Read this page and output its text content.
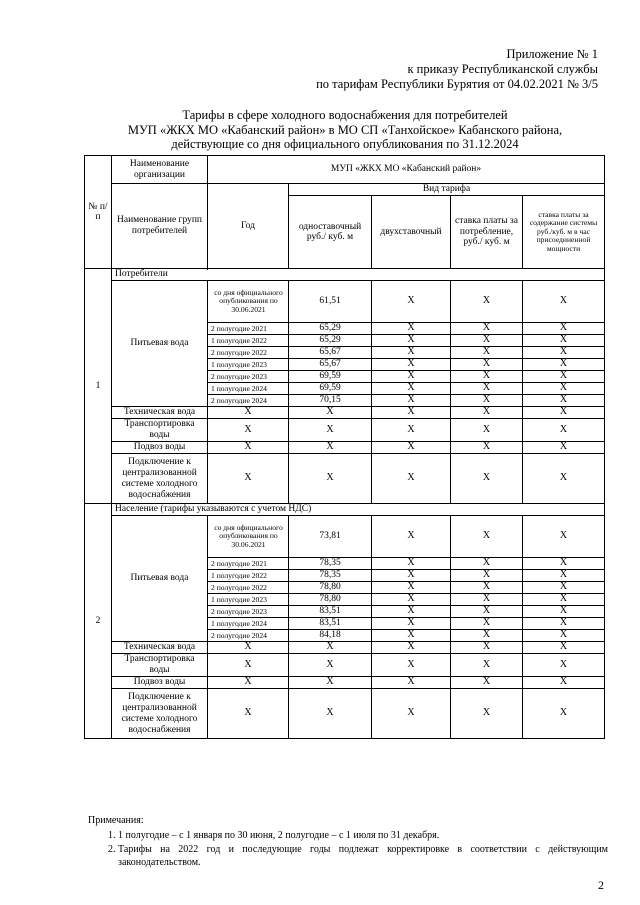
Приложение № 1
к приказу Республиканской службы
по тарифам Республики Бурятия от 04.02.2021 № 3/5
Тарифы в сфере холодного водоснабжения для потребителей
МУП «ЖКХ МО «Кабанский район» в МО СП «Танхойское» Кабанского района,
действующие со дня официального опубликования по 31.12.2024
№ п/п	Наименование организации	МУП «ЖКХ МО «Кабанский район»				
	Наименование групп потребителей	Год	Вид тарифа			
			одноставочный руб./ куб. м	двухставочный	ставка платы за потребление, руб./ куб. м	ставка платы за содержание системы руб./куб. м в час присоединенной мощности

1	Потребители					
	Питьевая вода	со дня официального опубликования по 30.06.2021	61,51	X	X	X
		2 полугодие 2021	65,29	X	X	X
		1 полугодие 2022	65,29	X	X	X
		2 полугодие 2022	65,67	X	X	X
		1 полугодие 2023	65,67	X	X	X
		2 полугодие 2023	69,59	X	X	X
		1 полугодие 2024	69,59	X	X	X
		2 полугодие 2024	70,15	X	X	X
	Техническая вода	X	X	X	X	X
	Транспортировка воды	X	X	X	X	X
	Подвоз воды	X	X	X	X	X
	Подключение к централизованной системе холодного водоснабжения	X	X	X	X	X
2	Население (тарифы указываются с учетом НДС)					
	Питьевая вода	со дня официального опубликования по 30.06.2021	73,81	X	X	X
		2 полугодие 2021	78,35	X	X	X
		1 полугодие 2022	78,35	X	X	X
		2 полугодие 2022	78,80	X	X	X
		1 полугодие 2023	78,80	X	X	X
		2 полугодие 2023	83,51	X	X	X
		1 полугодие 2024	83,51	X	X	X
		2 полугодие 2024	84,18	X	X	X
	Техническая вода	X	X	X	X	X
	Транспортировка воды	X	X	X	X	X
	Подвоз воды	X	X	X	X	X
	Подключение к централизованной системе холодного водоснабжения	X	X	X	X	X
Примечания:
1. 1 полугодие – с 1 января по 30 июня, 2 полугодие – с 1 июля по 31 декабря.
2. Тарифы на 2022 год и последующие годы подлежат корректировке в соответствии с действующим законодательством.
2
